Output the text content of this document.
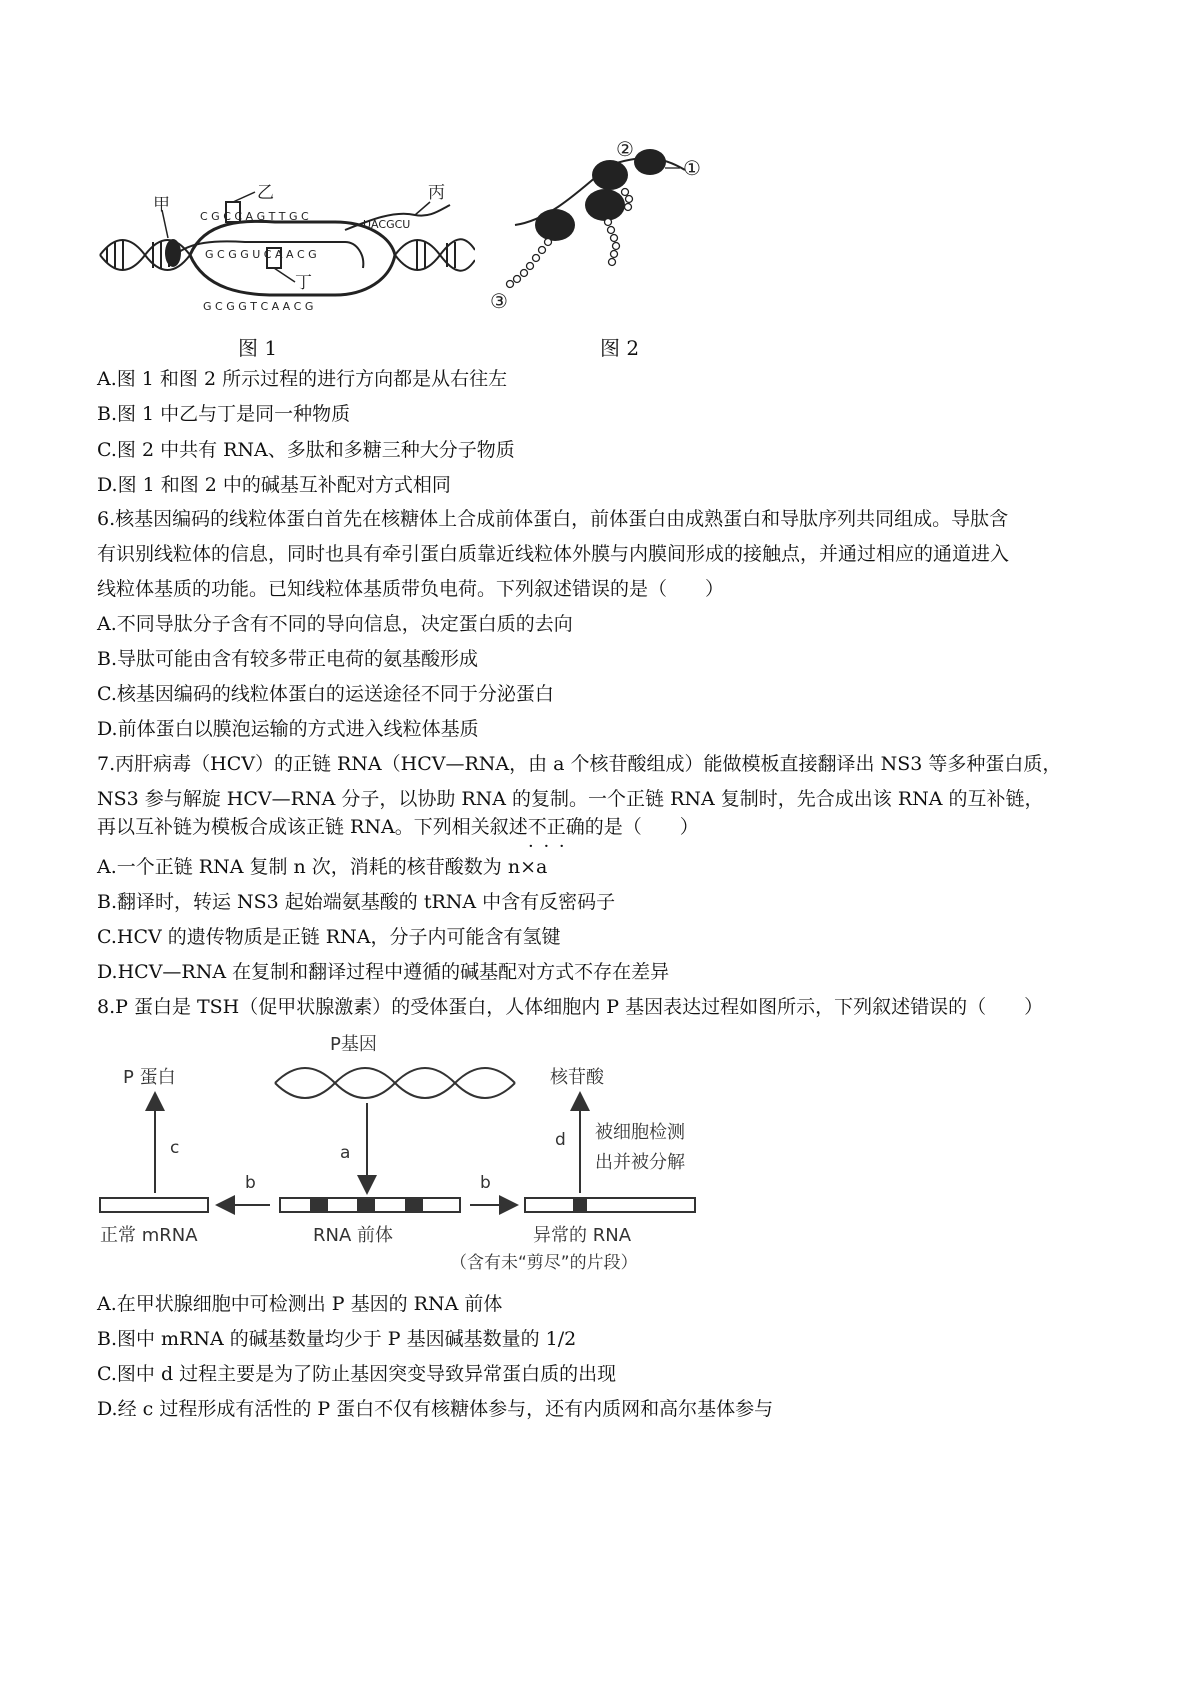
甲
乙
丁
丙
C G C C A G T T G C
G C G G U C A A C G
G C G G T C A A C G
UACGCU
图 1
①
②
③
图 2
A.图 1 和图 2 所示过程的进行方向都是从右往左
B.图 1 中乙与丁是同一种物质
C.图 2 中共有 RNA、多肽和多糖三种大分子物质
D.图 1 和图 2 中的碱基互补配对方式相同
6.核基因编码的线粒体蛋白首先在核糖体上合成前体蛋白，前体蛋白由成熟蛋白和导肽序列共同组成。导肽含
有识别线粒体的信息，同时也具有牵引蛋白质靠近线粒体外膜与内膜间形成的接触点，并通过相应的通道进入
线粒体基质的功能。已知线粒体基质带负电荷。下列叙述错误的是（　　）
A.不同导肽分子含有不同的导向信息，决定蛋白质的去向
B.导肽可能由含有较多带正电荷的氨基酸形成
C.核基因编码的线粒体蛋白的运送途径不同于分泌蛋白
D.前体蛋白以膜泡运输的方式进入线粒体基质
7.丙肝病毒（HCV）的正链 RNA（HCV—RNA，由 a 个核苷酸组成）能做模板直接翻译出 NS3 等多种蛋白质，
NS3 参与解旋 HCV—RNA 分子，以协助 RNA 的复制。一个正链 RNA 复制时，先合成出该 RNA 的互补链，
再以互补链为模板合成该正链 RNA。下列相关叙述不正确的是（　　）
· · ·
A.一个正链 RNA 复制 n 次，消耗的核苷酸数为 n×a
B.翻译时，转运 NS3 起始端氨基酸的 tRNA 中含有反密码子
C.HCV 的遗传物质是正链 RNA，分子内可能含有氢键
D.HCV—RNA 在复制和翻译过程中遵循的碱基配对方式不存在差异
8.P 蛋白是 TSH（促甲状腺激素）的受体蛋白，人体细胞内 P 基因表达过程如图所示，下列叙述错误的（　　）
P基因
P 蛋白	核苷酸
a
b	b
c	d 被细胞检测
出并被分解
正常 mRNA	RNA 前体	异常的 RNA
（含有未“剪尽”的片段）
A.在甲状腺细胞中可检测出 P 基因的 RNA 前体
B.图中 mRNA 的碱基数量均少于 P 基因碱基数量的 1/2
C.图中 d 过程主要是为了防止基因突变导致异常蛋白质的出现
D.经 c 过程形成有活性的 P 蛋白不仅有核糖体参与，还有内质网和高尔基体参与
